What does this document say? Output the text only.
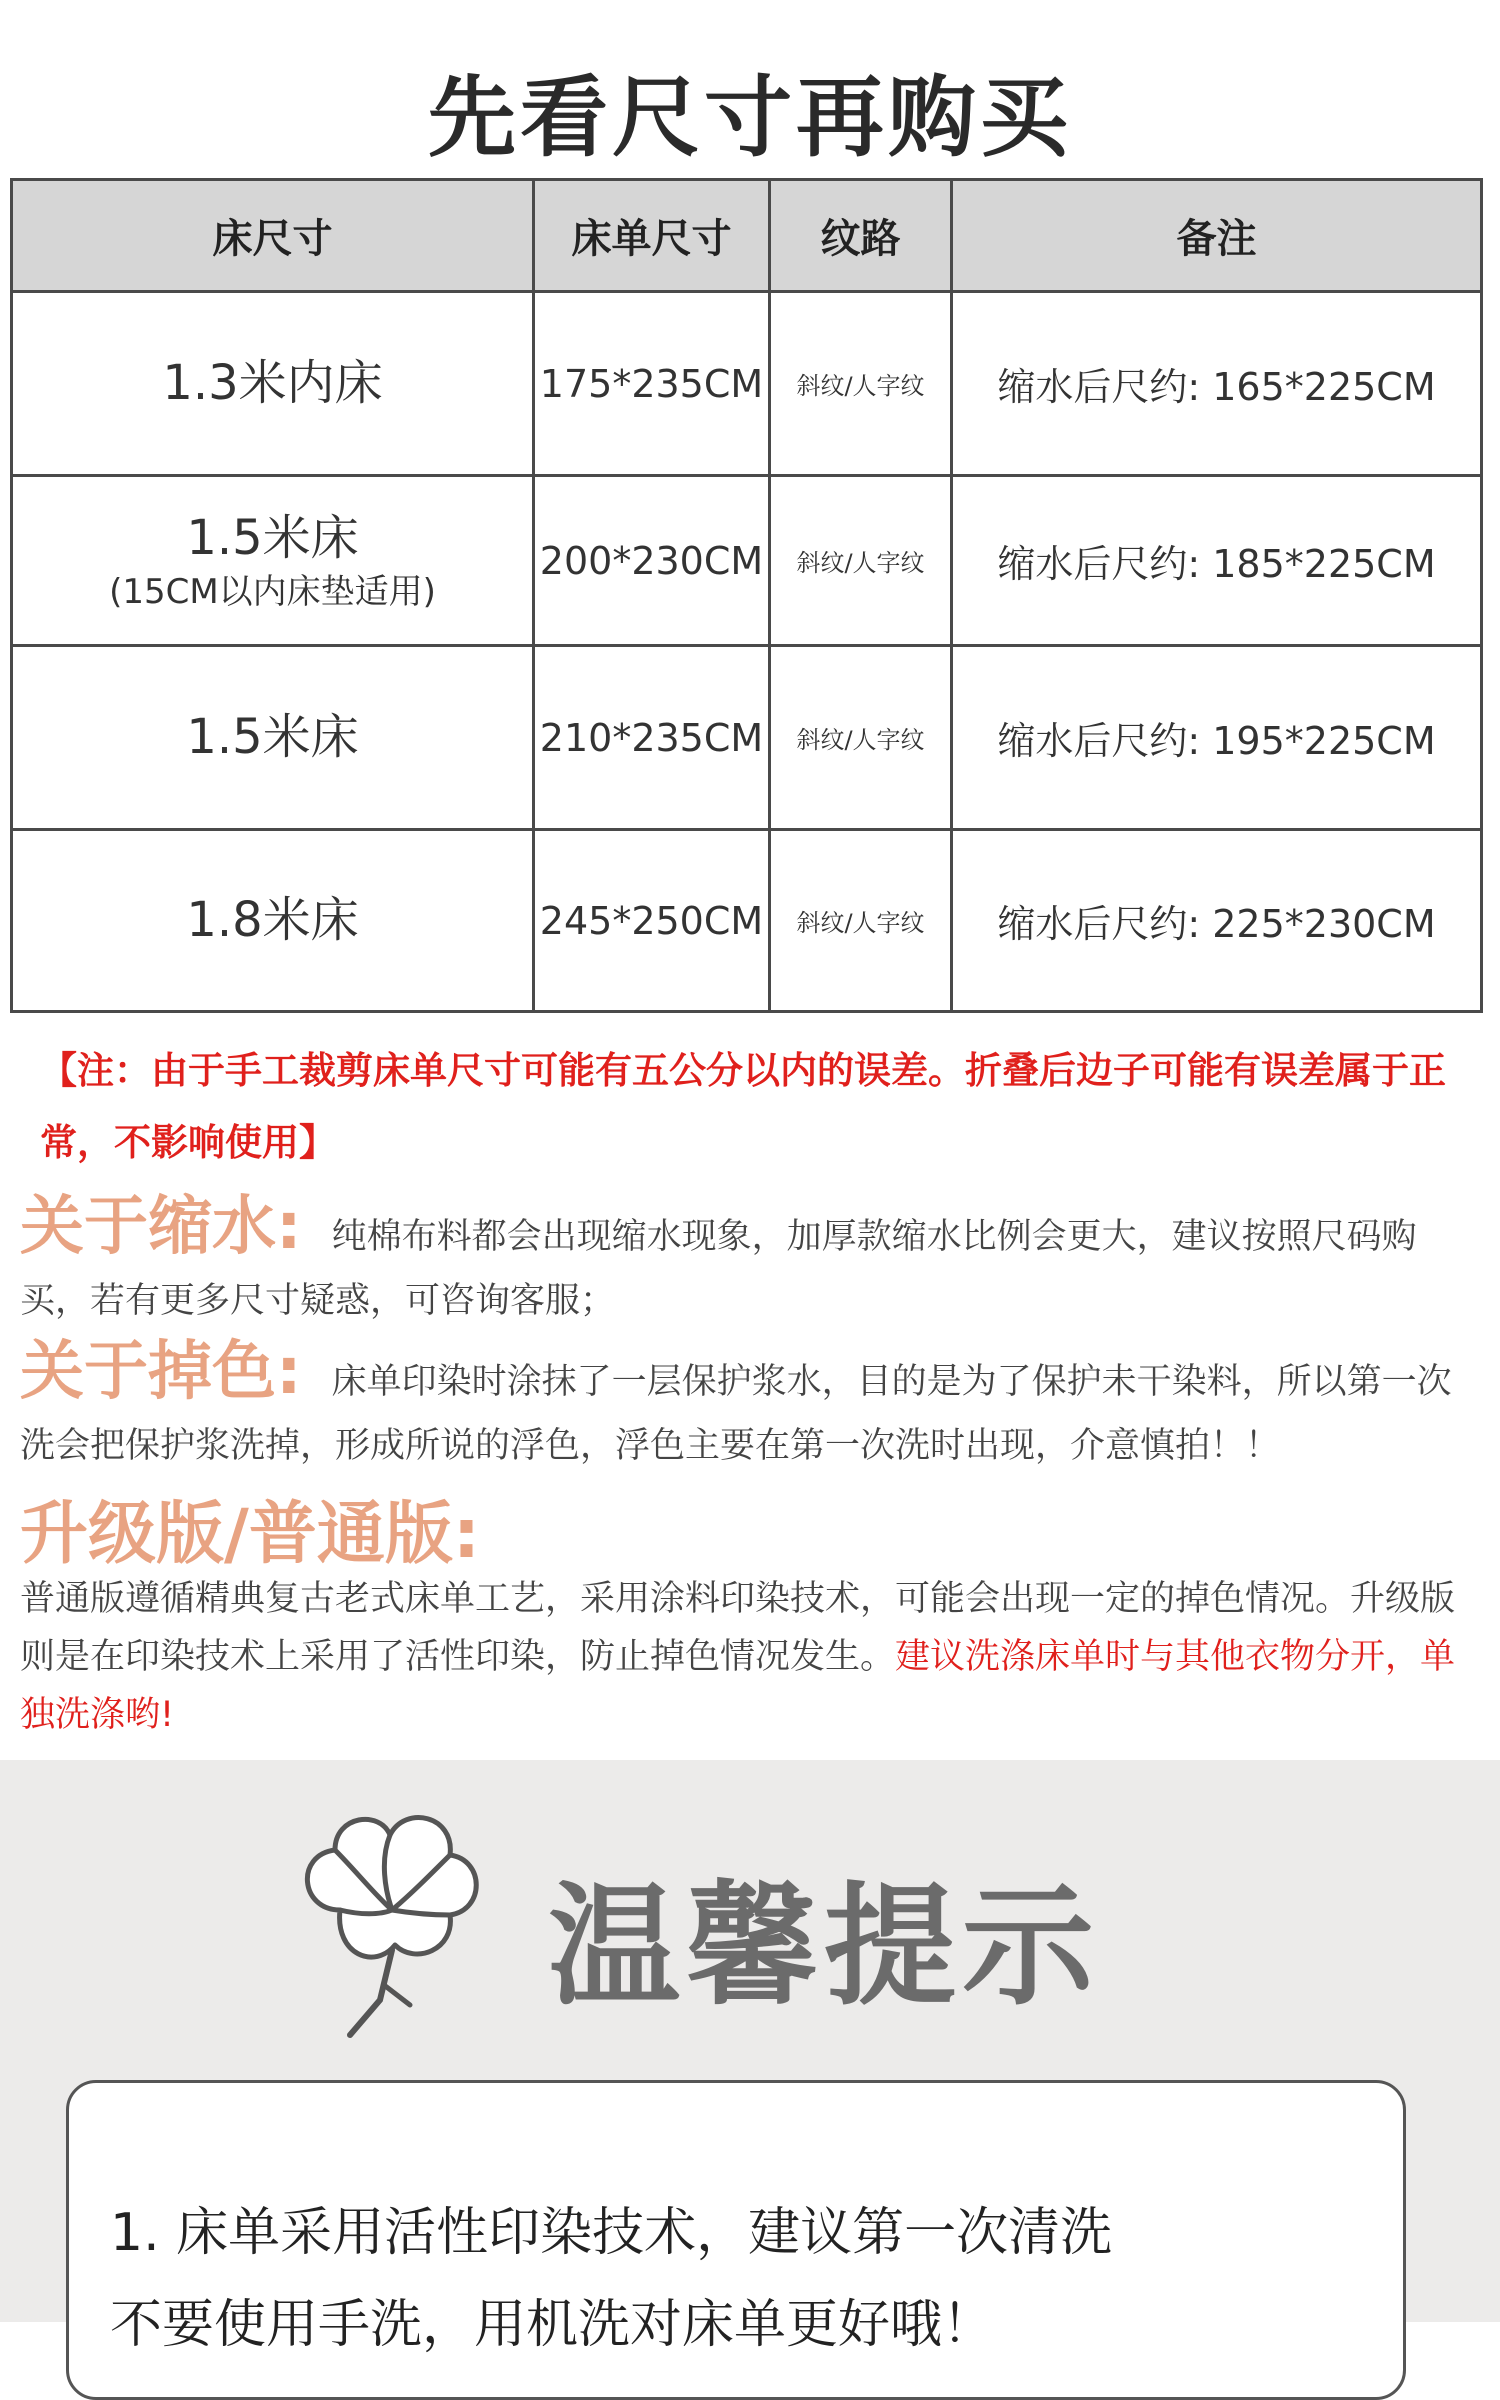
先看尺寸再购买
床尺寸	床单尺寸	纹路	备注
1.3米内床	175*235CM	斜纹/人字纹	缩水后尺约: 165*225CM
1.5米床
(15CM以内床垫适用)	200*230CM	斜纹/人字纹	缩水后尺约: 185*225CM
1.5米床	210*235CM	斜纹/人字纹	缩水后尺约: 195*225CM
1.8米床	245*250CM	斜纹/人字纹	缩水后尺约: 225*230CM
【注：由于手工裁剪床单尺寸可能有五公分以内的误差。折叠后边子可能有误差属于正常，不影响使用】
关于缩水: 纯棉布料都会出现缩水现象，加厚款缩水比例会更大，建议按照尺码购买，若有更多尺寸疑惑，可咨询客服；
关于掉色: 床单印染时涂抹了一层保护浆水，目的是为了保护未干染料，所以第一次洗会把保护浆洗掉，形成所说的浮色，浮色主要在第一次洗时出现，介意慎拍！！
升级版/普通版:
普通版遵循精典复古老式床单工艺，采用涂料印染技术，可能会出现一定的掉色情况。升级版则是在印染技术上采用了活性印染，防止掉色情况发生。建议洗涤床单时与其他衣物分开，单独洗涤哟!
温馨提示
1. 床单采用活性印染技术，建议第一次清洗
不要使用手洗，用机洗对床单更好哦！
